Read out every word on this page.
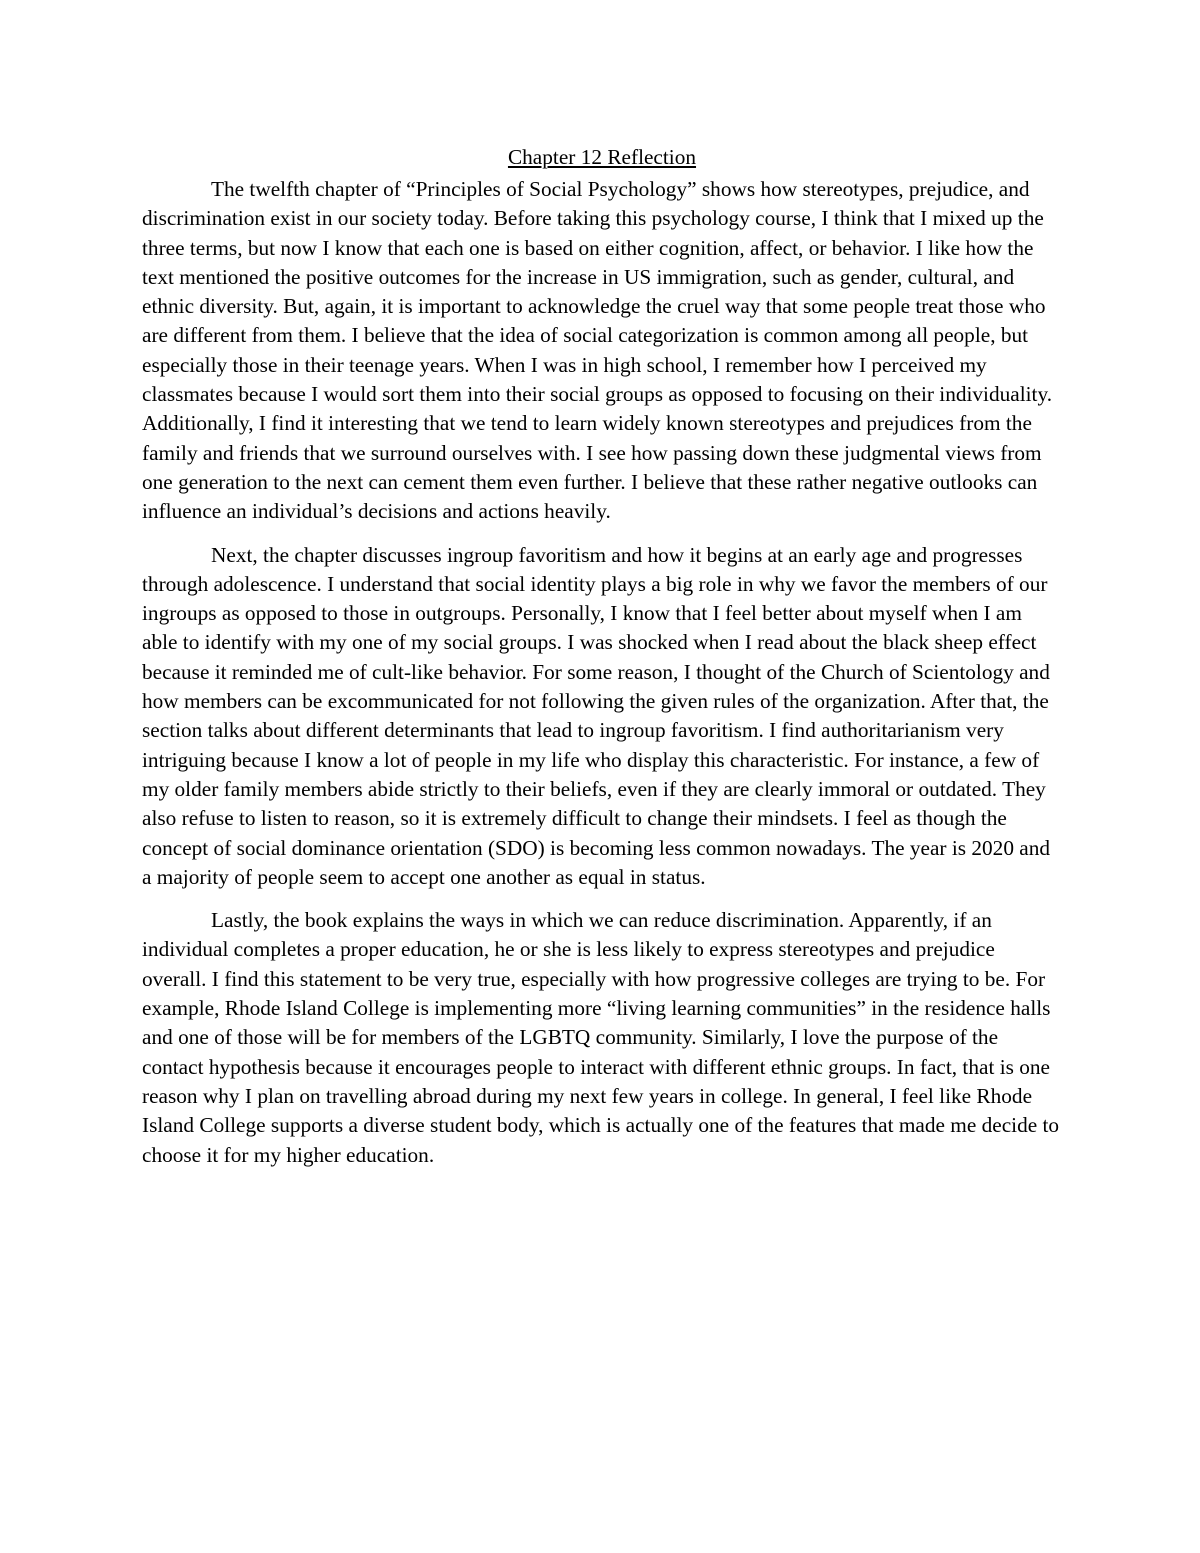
Chapter 12 Reflection

The twelfth chapter of “Principles of Social Psychology” shows how stereotypes, prejudice, and discrimination exist in our society today. Before taking this psychology course, I think that I mixed up the three terms, but now I know that each one is based on either cognition, affect, or behavior. I like how the text mentioned the positive outcomes for the increase in US immigration, such as gender, cultural, and ethnic diversity. But, again, it is important to acknowledge the cruel way that some people treat those who are different from them. I believe that the idea of social categorization is common among all people, but especially those in their teenage years. When I was in high school, I remember how I perceived my classmates because I would sort them into their social groups as opposed to focusing on their individuality. Additionally, I find it interesting that we tend to learn widely known stereotypes and prejudices from the family and friends that we surround ourselves with. I see how passing down these judgmental views from one generation to the next can cement them even further. I believe that these rather negative outlooks can influence an individual’s decisions and actions heavily.

Next, the chapter discusses ingroup favoritism and how it begins at an early age and progresses through adolescence. I understand that social identity plays a big role in why we favor the members of our ingroups as opposed to those in outgroups. Personally, I know that I feel better about myself when I am able to identify with my one of my social groups. I was shocked when I read about the black sheep effect because it reminded me of cult-like behavior. For some reason, I thought of the Church of Scientology and how members can be excommunicated for not following the given rules of the organization. After that, the section talks about different determinants that lead to ingroup favoritism. I find authoritarianism very intriguing because I know a lot of people in my life who display this characteristic. For instance, a few of my older family members abide strictly to their beliefs, even if they are clearly immoral or outdated. They also refuse to listen to reason, so it is extremely difficult to change their mindsets. I feel as though the concept of social dominance orientation (SDO) is becoming less common nowadays. The year is 2020 and a majority of people seem to accept one another as equal in status.

Lastly, the book explains the ways in which we can reduce discrimination. Apparently, if an individual completes a proper education, he or she is less likely to express stereotypes and prejudice overall. I find this statement to be very true, especially with how progressive colleges are trying to be. For example, Rhode Island College is implementing more “living learning communities” in the residence halls and one of those will be for members of the LGBTQ community. Similarly, I love the purpose of the contact hypothesis because it encourages people to interact with different ethnic groups. In fact, that is one reason why I plan on travelling abroad during my next few years in college. In general, I feel like Rhode Island College supports a diverse student body, which is actually one of the features that made me decide to choose it for my higher education.
